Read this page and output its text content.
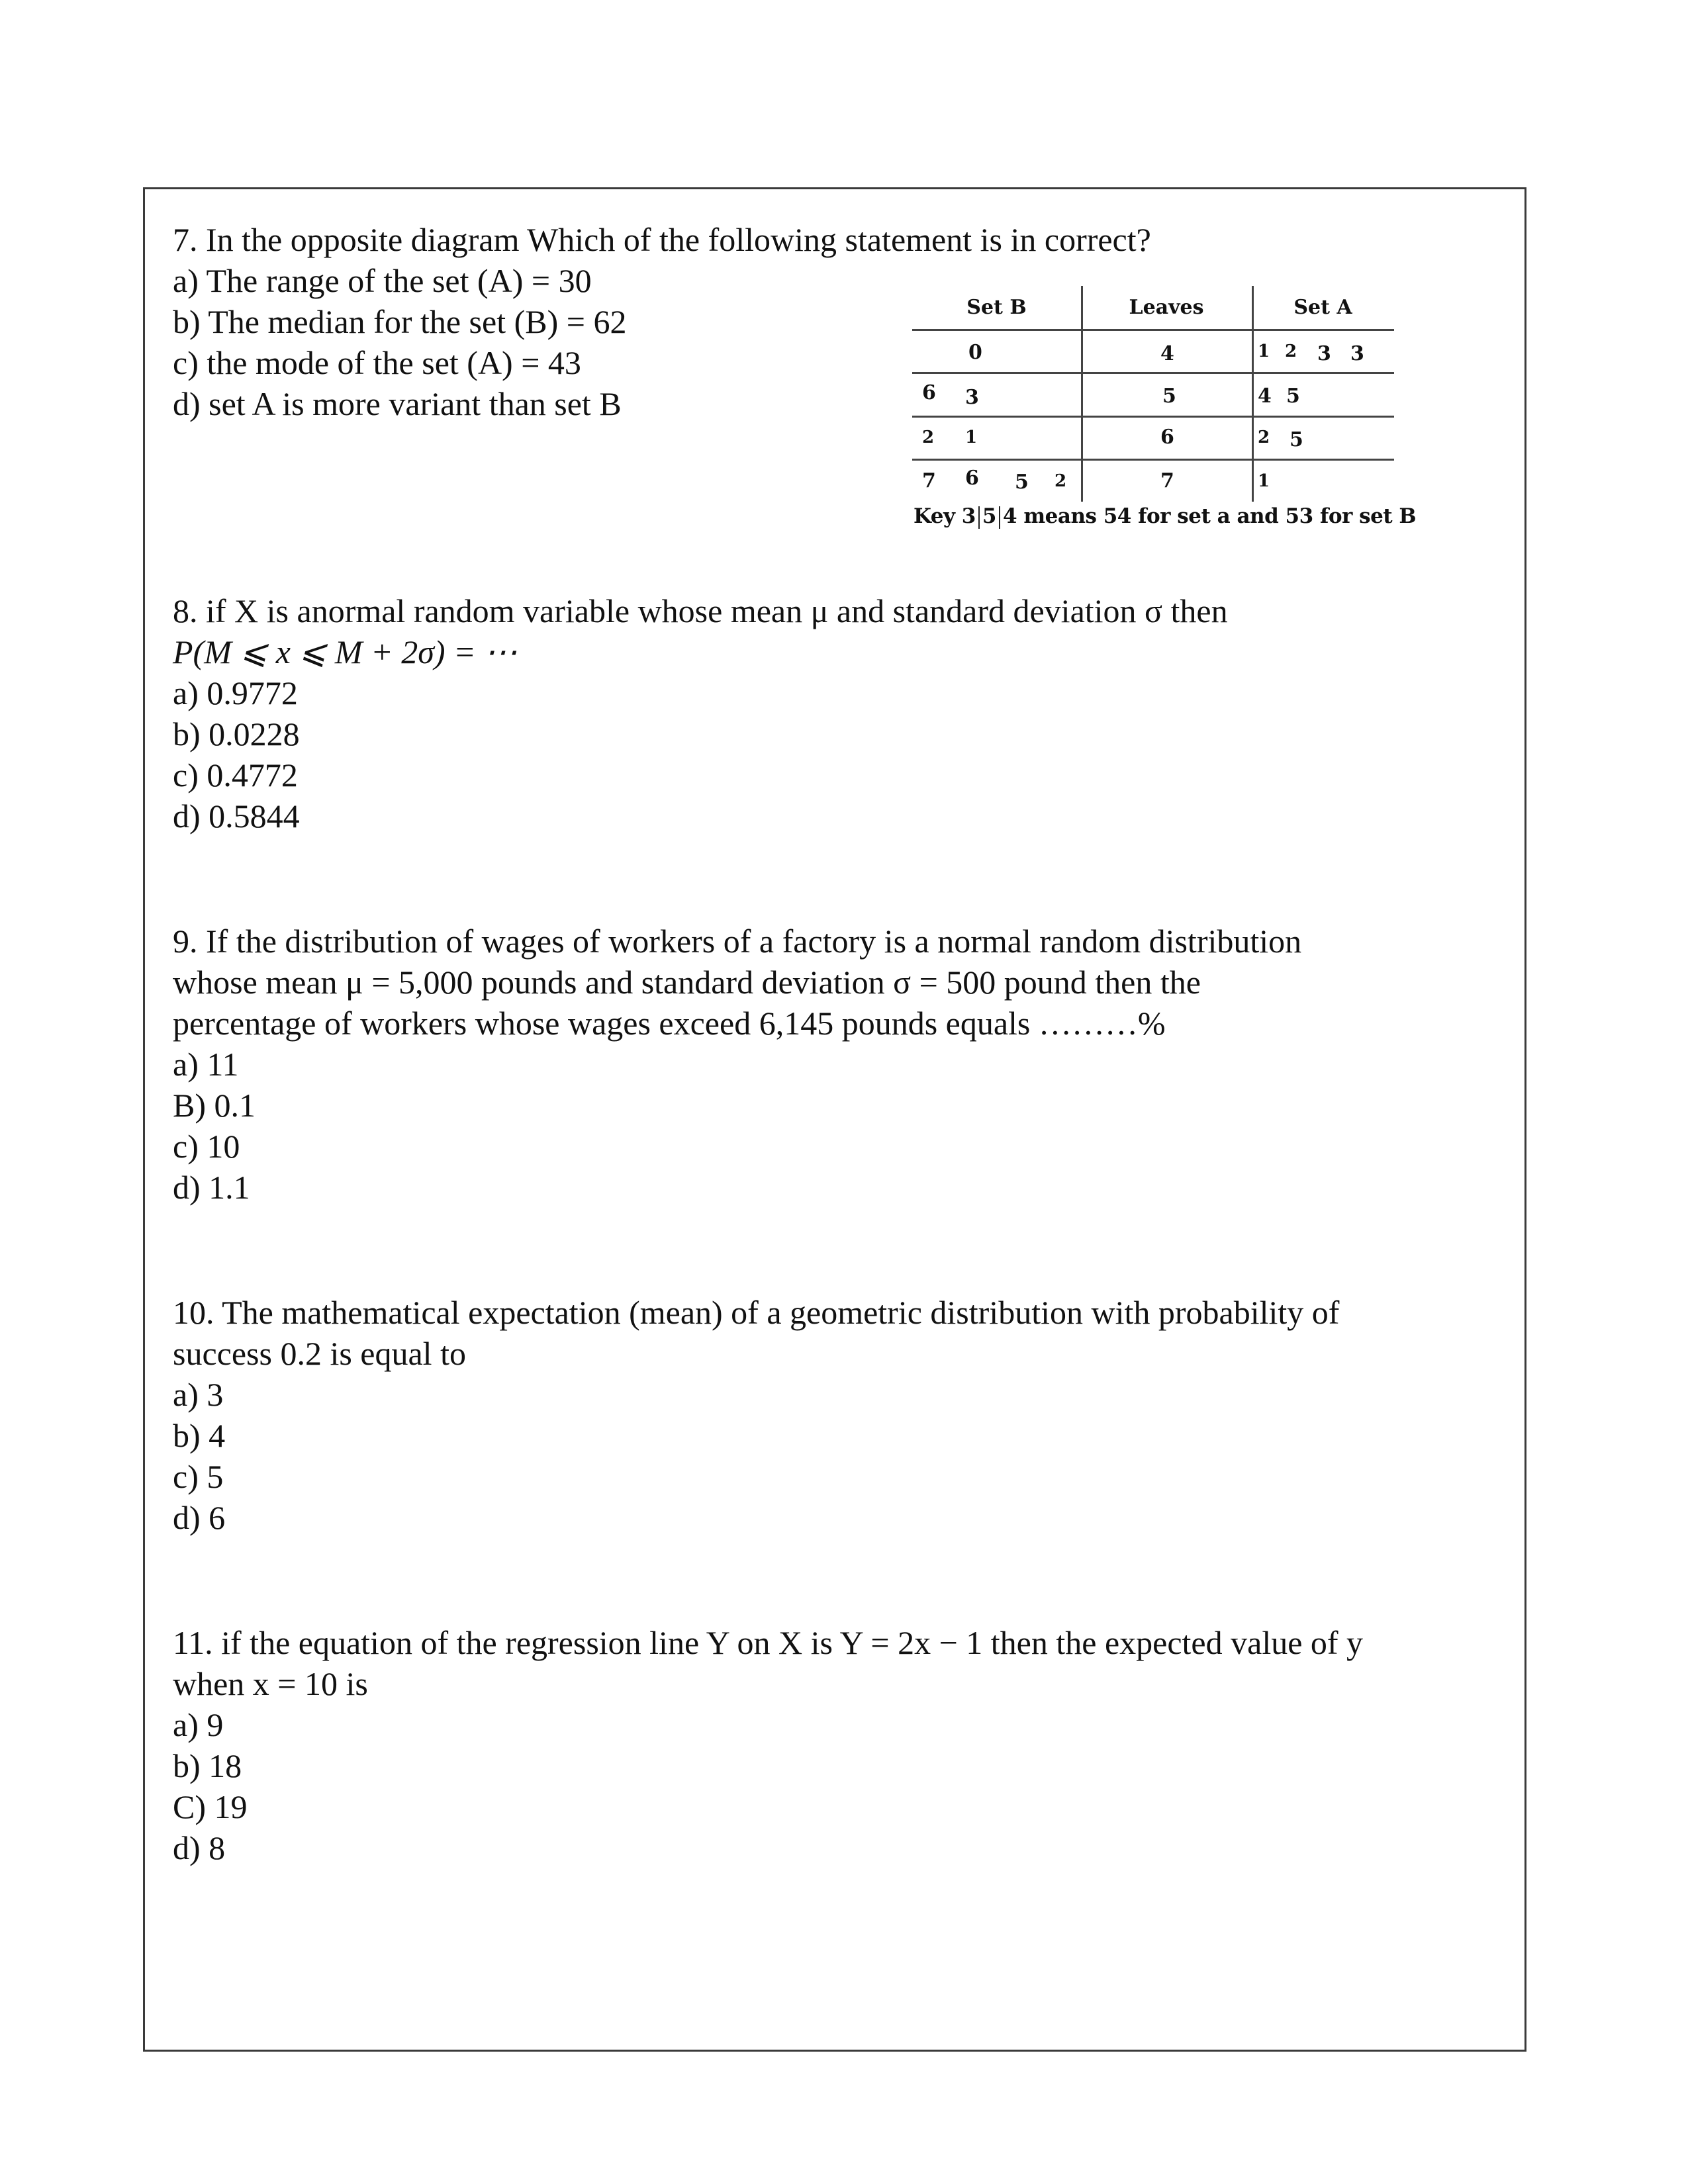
7. In the opposite diagram Which of the following statement is in correct?
a) The range of the set (A) = 30
b) The median for the set (B) = 62
c) the mode of the set (A) = 43
d) set A is more variant than set B
Set B	Leaves	Set A
0	4	1 2 3 3
6 3	5	4 5
2 1	6	2 5
7 6 5 2	7	1
Key 3 5 4 means 54 for set a and 53 for set B
8. if X is anormal random variable whose mean μ and standard deviation σ then
P(M ⩽ x ⩽ M + 2σ) = ⋯
a) 0.9772
b) 0.0228
c) 0.4772
d) 0.5844
9. If the distribution of wages of workers of a factory is a normal random distribution
whose mean μ = 5,000 pounds and standard deviation σ = 500 pound then the
percentage of workers whose wages exceed 6,145 pounds equals ………%
a) 11
B) 0.1
c) 10
d) 1.1
10. The mathematical expectation (mean) of a geometric distribution with probability of
success 0.2 is equal to
a) 3
b) 4
c) 5
d) 6
11. if the equation of the regression line Y on X is Y = 2x − 1 then the expected value of y
when x = 10 is
a) 9
b) 18
C) 19
d) 8
